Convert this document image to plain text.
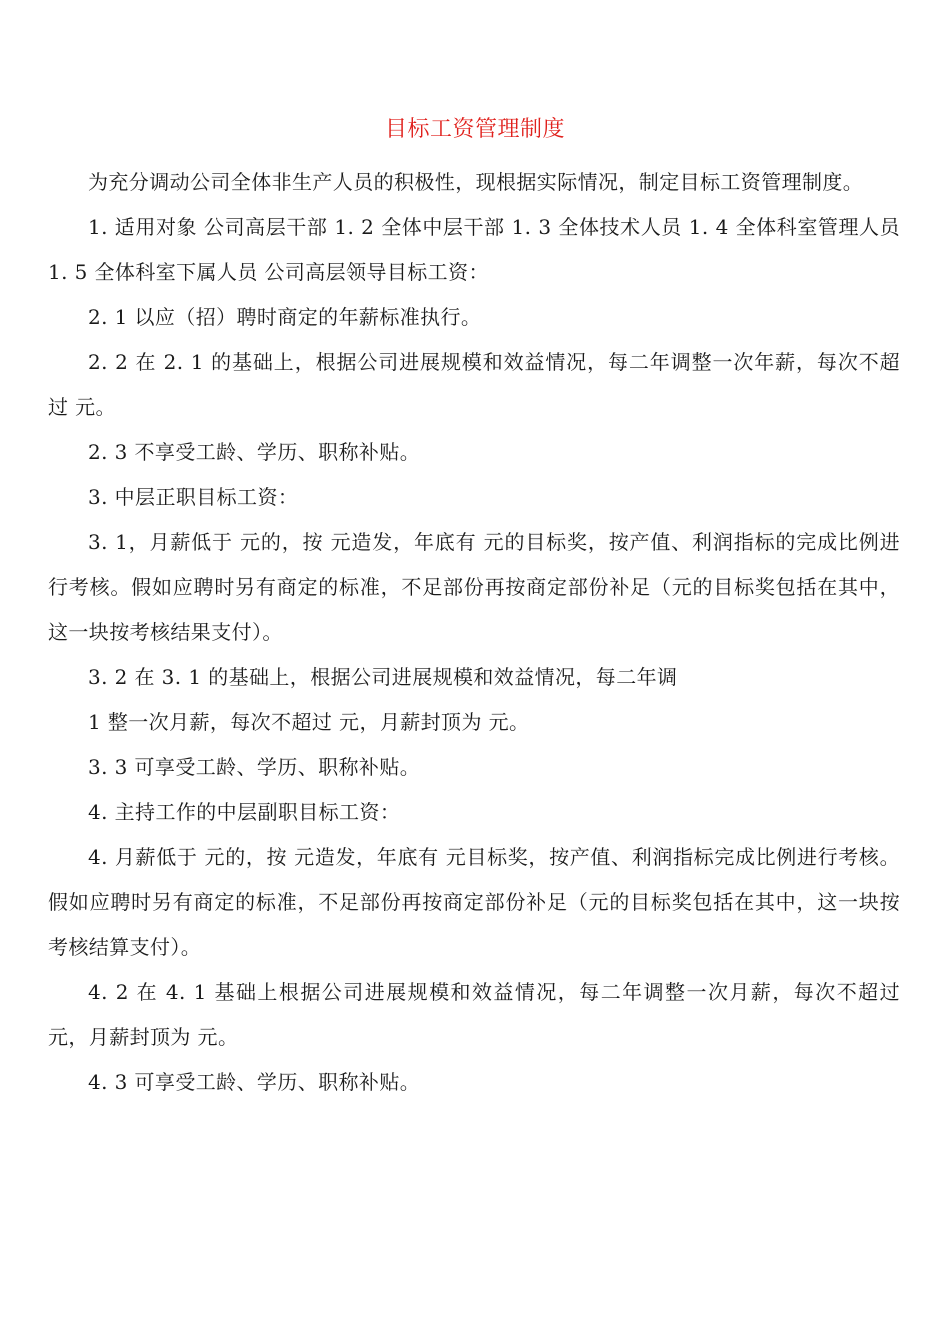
目标工资管理制度

为充分调动公司全体非生产人员的积极性，现根据实际情况，制定目标工资管理制度。

1. 适用对象 公司高层干部 1. 2 全体中层干部 1. 3 全体技术人员 1. 4 全体科室管理人员 1. 5 全体科室下属人员 公司高层领导目标工资：

2. 1 以应（招）聘时商定的年薪标准执行。

2. 2 在 2. 1 的基础上，根据公司进展规模和效益情况，每二年调整一次年薪，每次不超过 元。

2. 3 不享受工龄、学历、职称补贴。

3. 中层正职目标工资：

3. 1，月薪低于 元的，按 元造发，年底有 元的目标奖，按产值、利润指标的完成比例进行考核。假如应聘时另有商定的标准，不足部份再按商定部份补足（元的目标奖包括在其中，这一块按考核结果支付）。

3. 2 在 3. 1 的基础上，根据公司进展规模和效益情况，每二年调

1 整一次月薪，每次不超过 元，月薪封顶为 元。

3. 3 可享受工龄、学历、职称补贴。

4. 主持工作的中层副职目标工资：

4. 月薪低于 元的，按 元造发，年底有 元目标奖，按产值、利润指标完成比例进行考核。假如应聘时另有商定的标准，不足部份再按商定部份补足（元的目标奖包括在其中，这一块按考核结算支付）。

4. 2 在 4. 1 基础上根据公司进展规模和效益情况，每二年调整一次月薪，每次不超过 元，月薪封顶为 元。

4. 3 可享受工龄、学历、职称补贴。
